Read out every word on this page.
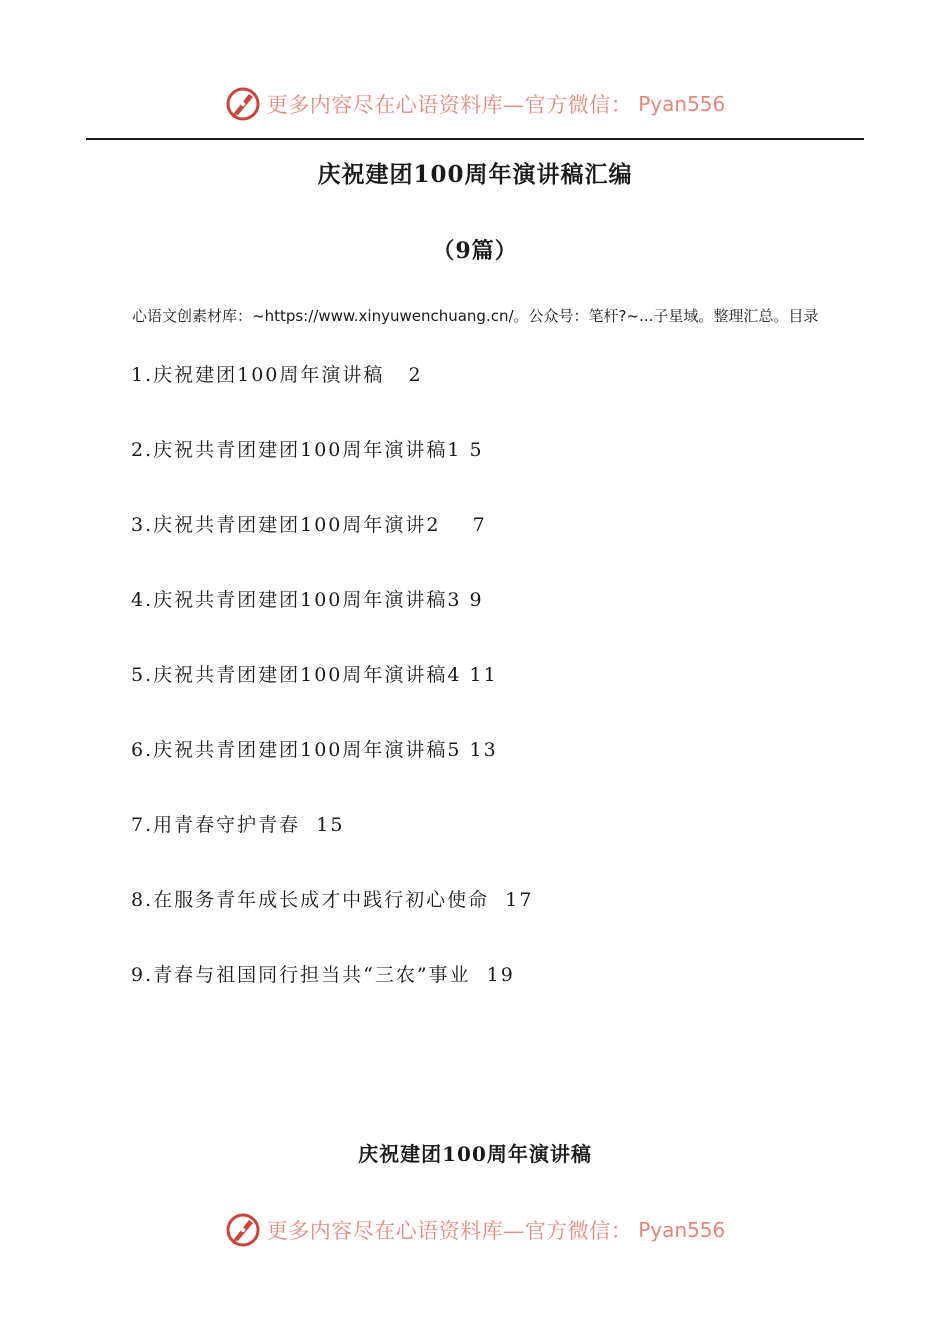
更多内容尽在心语资料库—官方微信： Pyan556
庆祝建团100周年演讲稿汇编
（9篇）
心语文创素材库：~https://www.xinyuwenchuang.cn/。公众号：笔杆?~...子星域。整理汇总。目录
1.庆祝建团100周年演讲稿 2
2.庆祝共青团建团100周年演讲稿1 5
3.庆祝共青团建团100周年演讲2 7
4.庆祝共青团建团100周年演讲稿3 9
5.庆祝共青团建团100周年演讲稿4 11
6.庆祝共青团建团100周年演讲稿5 13
7.用青春守护青春 15
8.在服务青年成长成才中践行初心使命 17
9.青春与祖国同行担当共“三农”事业 19
庆祝建团100周年演讲稿
更多内容尽在心语资料库—官方微信： Pyan556
